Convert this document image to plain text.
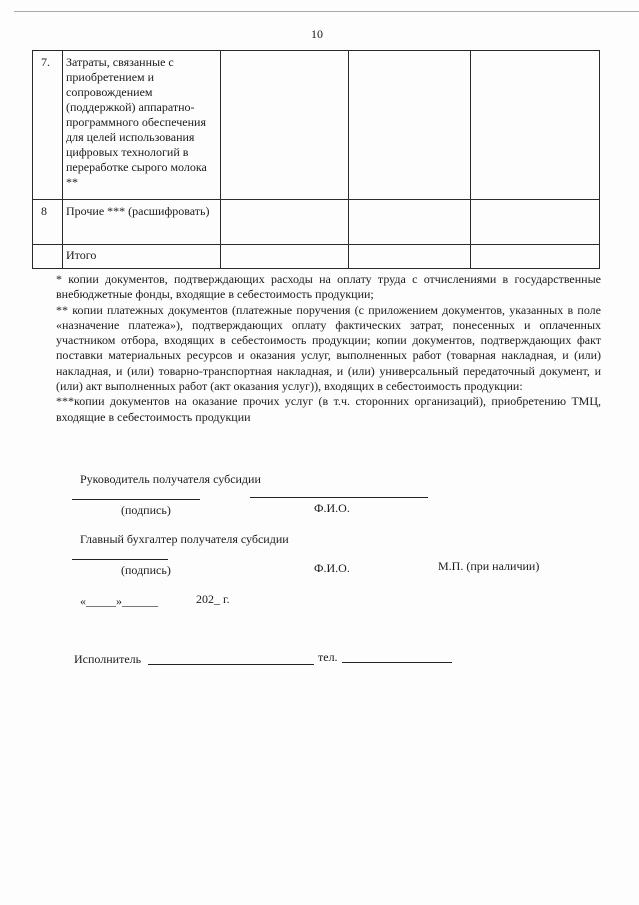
10
7.	Затраты, связанные с приобретением и сопровождением (поддержкой) аппаратно-программного обеспечения для целей использования цифровых технологий в переработке сырого молока **			
8	Прочие *** (расшифровать)			
	Итого			

* копии документов, подтверждающих расходы на оплату труда с отчислениями в государственные внебюджетные фонды, входящие в себестоимость продукции;

** копии платежных документов (платежные поручения (с приложением документов, указанных в поле «назначение платежа»), подтверждающих оплату фактических затрат, понесенных и оплаченных участником отбора, входящих в себестоимость продукции; копии документов, подтверждающих факт поставки материальных ресурсов и оказания услуг, выполненных работ (товарная накладная, и (или) накладная, и (или) товарно-транспортная накладная, и (или) универсальный передаточный документ, и (или) акт выполненных работ (акт оказания услуг)), входящих в себестоимость продукции:

***копии документов на оказание прочих услуг (в т.ч. сторонних организаций), приобретению ТМЦ, входящие в себестоимость продукции

Руководитель получателя субсидии
(подпись)	Ф.И.О.
Главный бухгалтер получателя субсидии
(подпись)	Ф.И.О.	М.П. (при наличии)
«_____»______	202_ г.
Исполнитель	тел.
